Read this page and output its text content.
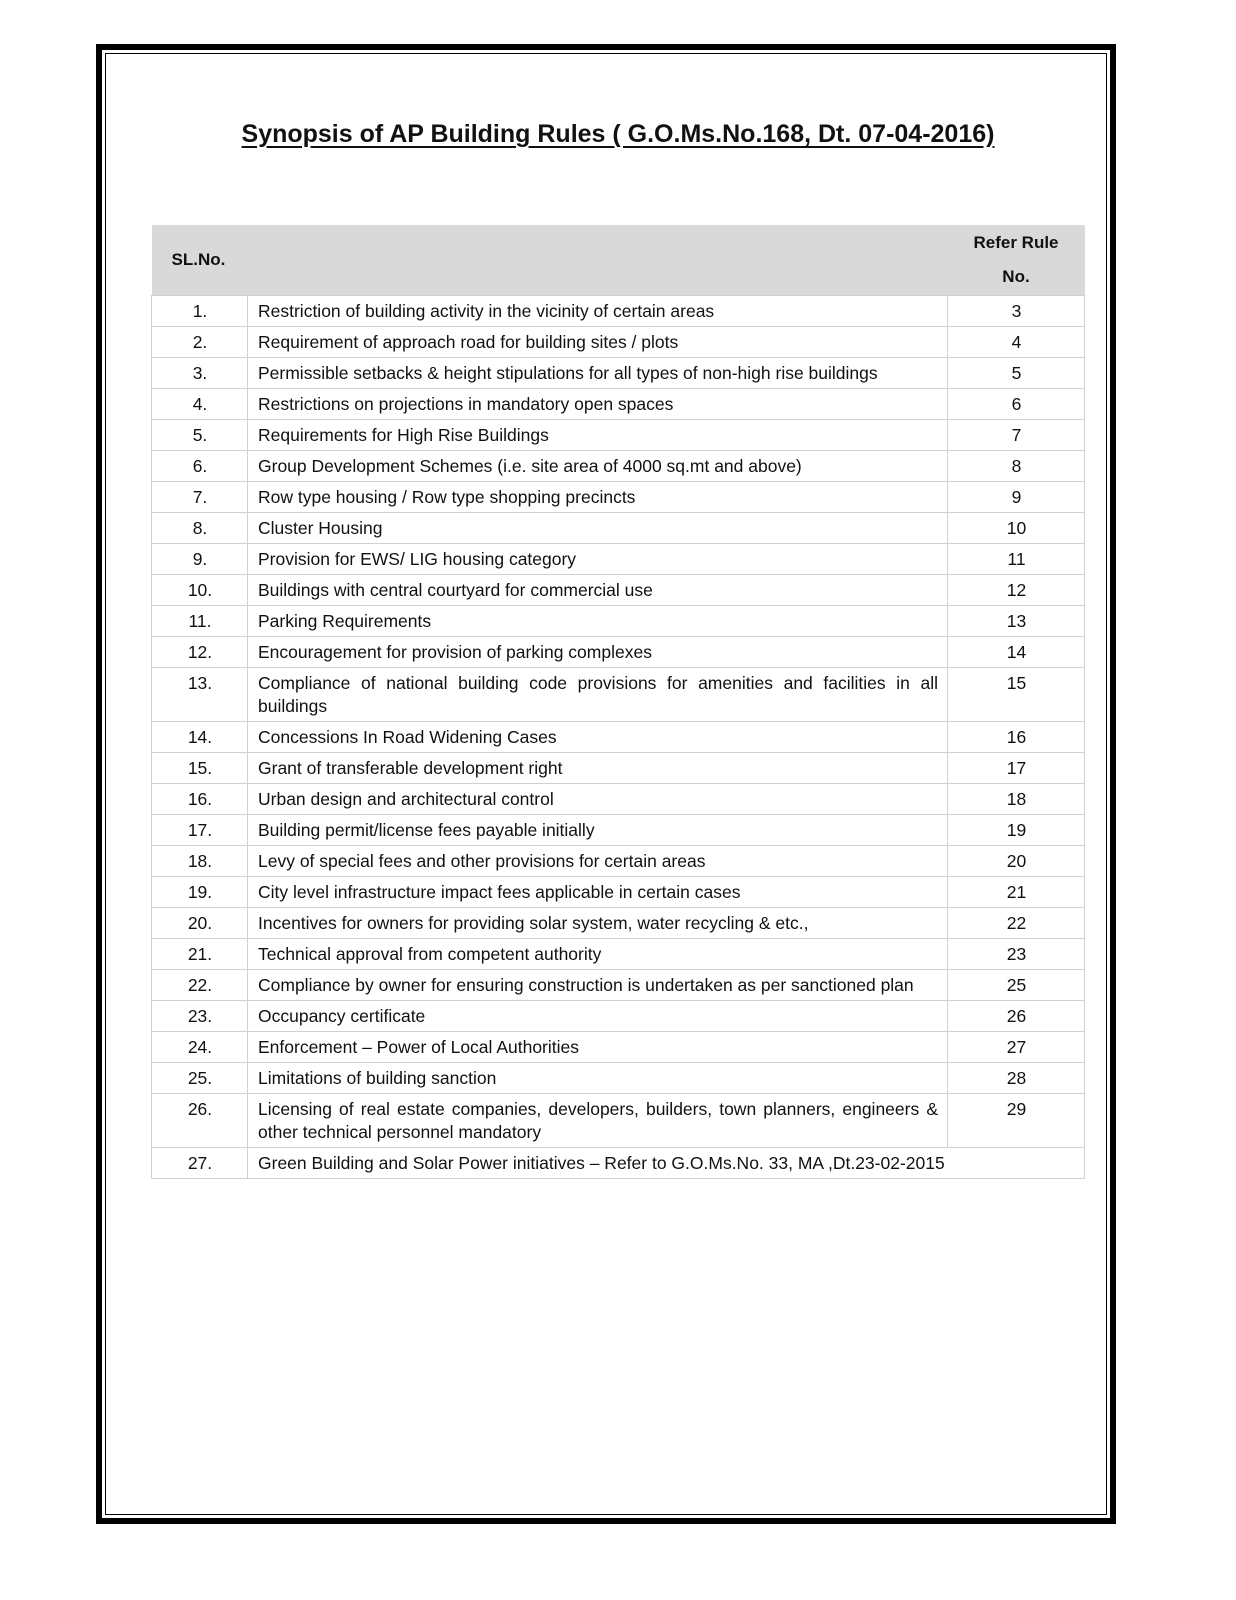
Synopsis of AP Building Rules ( G.O.Ms.No.168, Dt. 07-04-2016)
SL.No.		Refer Rule
No.
1.	Restriction of building activity in the vicinity of certain areas	3
2.	Requirement of approach road for building sites / plots	4
3.	Permissible setbacks & height stipulations for all types of non-high rise buildings	5
4.	Restrictions on projections in mandatory open spaces	6
5.	Requirements for High Rise Buildings	7
6.	Group Development Schemes (i.e. site area of 4000 sq.mt and above)	8
7.	Row type housing / Row type shopping precincts	9
8.	Cluster Housing	10
9.	Provision for EWS/ LIG housing category	11
10.	Buildings with central courtyard for commercial use	12
11.	Parking Requirements	13
12.	Encouragement for provision of parking complexes	14
13.	Compliance of national building code provisions for amenities and facilities in all buildings	15
14.	Concessions In Road Widening Cases	16
15.	Grant of transferable development right	17
16.	Urban design and architectural control	18
17.	Building permit/license fees payable initially	19
18.	Levy of special fees and other provisions for certain areas	20
19.	City level infrastructure impact fees applicable in certain cases	21
20.	Incentives for owners for providing solar system, water recycling & etc.,	22
21.	Technical approval from competent authority	23
22.	Compliance by owner for ensuring construction is undertaken as per sanctioned plan	25
23.	Occupancy certificate	26
24.	Enforcement – Power of Local Authorities	27
25.	Limitations of building sanction	28
26.	Licensing of real estate companies, developers, builders, town planners, engineers & other technical personnel mandatory	29
27.	Green Building and Solar Power initiatives – Refer to G.O.Ms.No. 33, MA ,Dt.23-02-2015	
